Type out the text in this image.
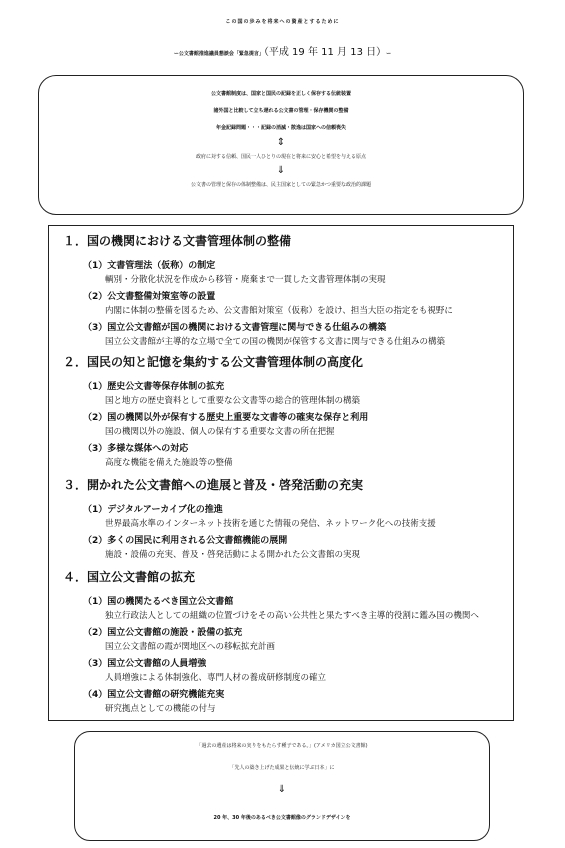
この国の歩みを将来への資産とするために
ー公文書館推進議員懇談会「緊急提言」（平成 19 年 11 月 13 日）ー
公文書館制度は、国家と国民の記録を正しく保存する伝統装置
諸外国と比較して立ち遅れる公文書の管理・保存機関の整備
年金記録問題・・・記録の消滅・散逸は国家への信頼喪失
⇕
政府に対する信頼、国民一人ひとりの現在と将来に安心と希望を与える原点
⇓
公文書の管理と保存の体制整備は、民主国家としての緊急かつ重要な政治的課題
１．国の機関における文書管理体制の整備
（1）文書管理法（仮称）の制定
輌別・分散化状況を作成から移管・廃棄まで一貫した文書管理体制の実現
（2）公文書整備対策室等の設置
内閣に体制の整備を図るため、公文書館対策室（仮称）を設け、担当大臣の指定をも視野に
（3）国立公文書館が国の機関における文書管理に関与できる仕組みの構築
国立公文書館が主導的な立場で全ての国の機関が保管する文書に関与できる仕組みの構築
２．国民の知と記憶を集約する公文書管理体制の高度化
（1）歴史公文書等保存体制の拡充
国と地方の歴史資料として重要な公文書等の総合的管理体制の構築
（2）国の機関以外が保有する歴史上重要な文書等の確実な保存と利用
国の機関以外の施設、個人の保有する重要な文書の所在把握
（3）多様な媒体への対応
高度な機能を備えた施設等の整備
３．開かれた公文書館への進展と普及・啓発活動の充実
（1）デジタルアーカイブ化の推進
世界最高水準のインターネット技術を通じた情報の発信、ネットワーク化への技術支援
（2）多くの国民に利用される公文書館機能の展開
施設・設備の充実、普及・啓発活動による開かれた公文書館の実現
４．国立公文書館の拡充
（1）国の機関たるべき国立公文書館
独立行政法人としての組織の位置づけをその高い公共性と果たすべき主導的役割に鑑み国の機関へ
（2）国立公文書館の施設・設備の拡充
国立公文書館の霞が関地区への移転拡充計画
（3）国立公文書館の人員増強
人員増強による体制強化、専門人材の養成研修制度の確立
（4）国立公文書館の研究機能充実
研究拠点としての機能の付与
「過去の遺産は将来の実りをもたらす種子である。」(アメリカ国立公文書館)
「先人の築き上げた成果と伝統に学ぶ日本」に
⇓
20 年、30 年後のあるべき公文書館像のグランドデザインを
